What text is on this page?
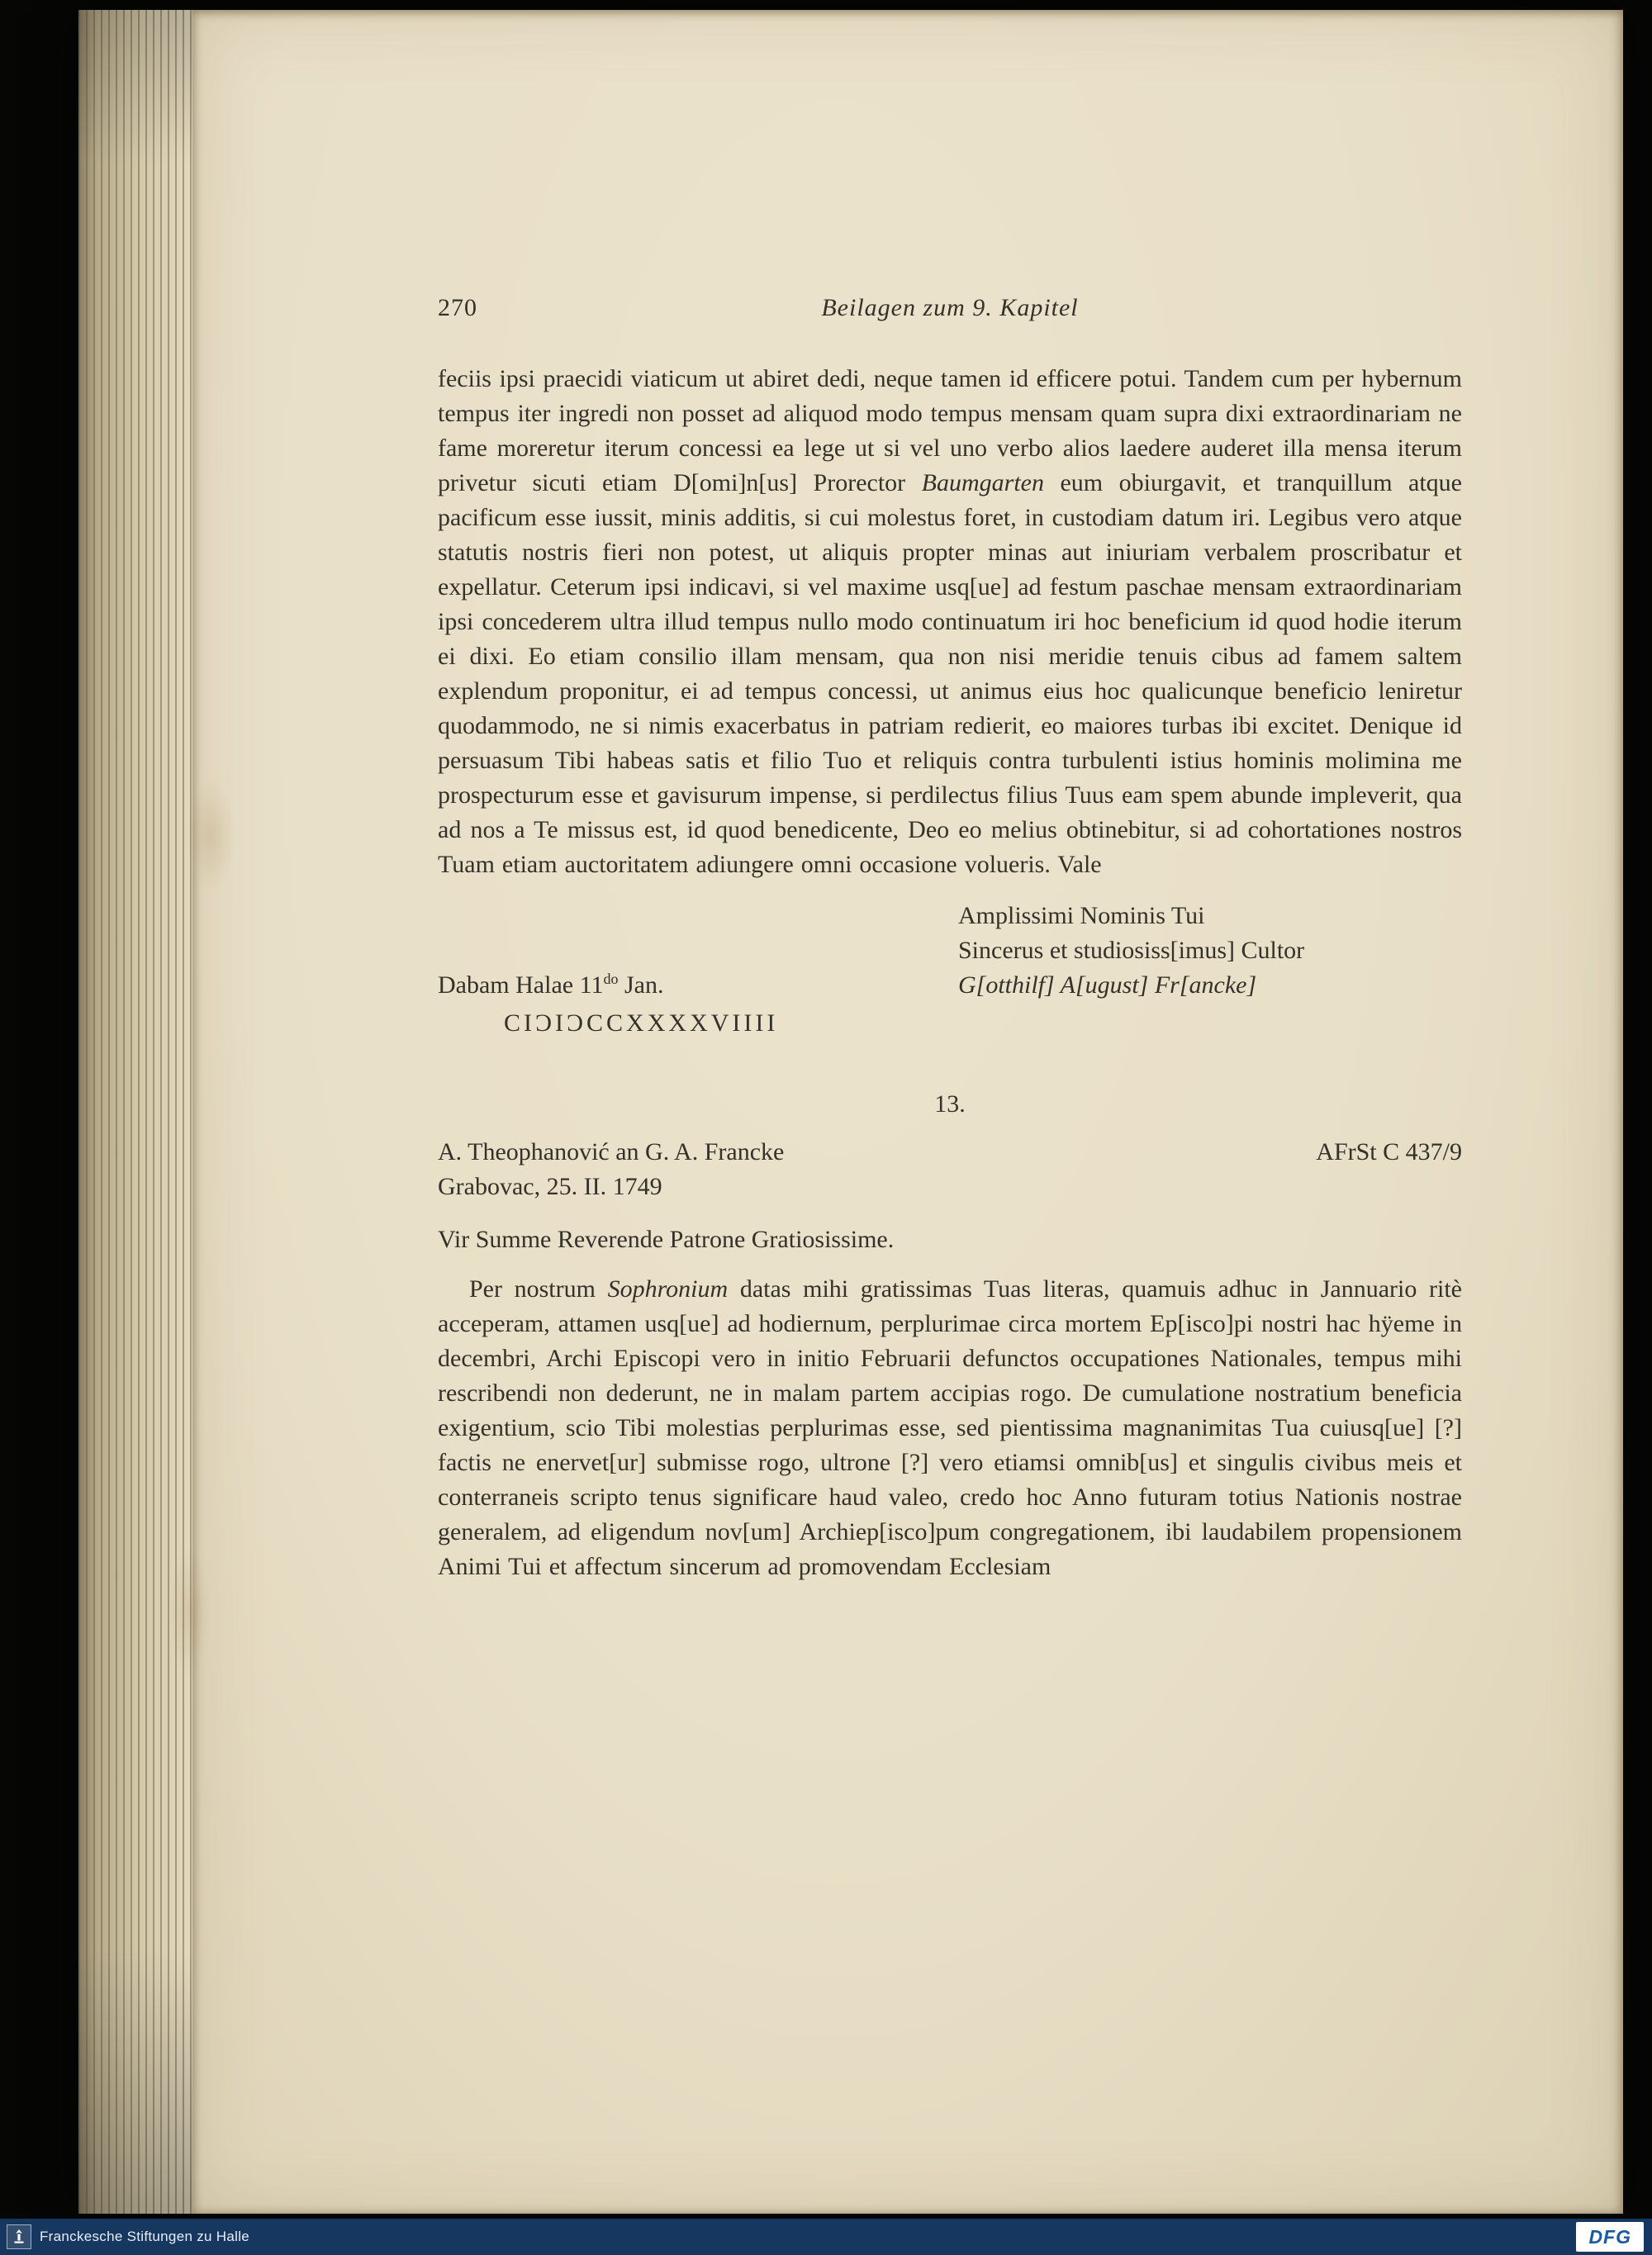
270	Beilagen zum 9. Kapitel

feciis ipsi praecidi viaticum ut abiret dedi, neque tamen id efficere potui. Tandem cum per hybernum tempus iter ingredi non posset ad aliquod modo tempus mensam quam supra dixi extraordinariam ne fame moreretur iterum concessi ea lege ut si vel uno verbo alios laedere auderet illa mensa iterum privetur sicuti etiam D[omi]n[us] Prorector Baumgarten eum obiurgavit, et tranquillum atque pacificum esse iussit, minis additis, si cui molestus foret, in custodiam datum iri. Legibus vero atque statutis nostris fieri non potest, ut aliquis propter minas aut iniuriam verbalem proscribatur et expellatur. Ceterum ipsi indicavi, si vel maxime usq[ue] ad festum paschae mensam extraordinariam ipsi concederem ultra illud tempus nullo modo continuatum iri hoc beneficium id quod hodie iterum ei dixi. Eo etiam consilio illam mensam, qua non nisi meridie tenuis cibus ad famem saltem explendum proponitur, ei ad tempus concessi, ut animus eius hoc qualicunque beneficio leniretur quodammodo, ne si nimis exacerbatus in patriam redierit, eo maiores turbas ibi excitet. Denique id persuasum Tibi habeas satis et filio Tuo et reliquis contra turbulenti istius hominis molimina me prospecturum esse et gavisurum impense, si perdilectus filius Tuus eam spem abunde impleverit, qua ad nos a Te missus est, id quod benedicente, Deo eo melius obtinebitur, si ad cohortationes nostros Tuam etiam auctoritatem adiungere omni occasione volueris. Vale

Amplissimi Nominis Tui
Sincerus et studiosiss[imus] Cultor
Dabam Halae $11^{do}$ Jan.	G[otthilf] A[ugust] Fr[ancke]
CIƆIƆCCXXXXVIIII
13.
A. Theophanović an G. A. Francke	AFrSt C 437/9
Grabovac, 25. II. 1749
Vir Summe Reverende Patrone Gratiosissime.

Per nostrum Sophronium datas mihi gratissimas Tuas literas, quamuis adhuc in Jannuario ritè acceperam, attamen usq[ue] ad hodiernum, perplurimae circa mortem Ep[isco]pi nostri hac hÿeme in decembri, Archi Episcopi vero in initio Februarii defunctos occupationes Nationales, tempus mihi rescribendi non dederunt, ne in malam partem accipias rogo. De cumulatione nostratium beneficia exigentium, scio Tibi molestias perplurimas esse, sed pientissima magnanimitas Tua cuiusq[ue] [?] factis ne enervet[ur] submisse rogo, ultrone [?] vero etiamsi omnib[us] et singulis civibus meis et conterraneis scripto tenus significare haud valeo, credo hoc Anno futuram totius Nationis nostrae generalem, ad eligendum nov[um] Archiep[isco]pum congregationem, ibi laudabilem propensionem Animi Tui et affectum sincerum ad promovendam Ecclesiam

Franckesche Stiftungen zu Halle	DFG
